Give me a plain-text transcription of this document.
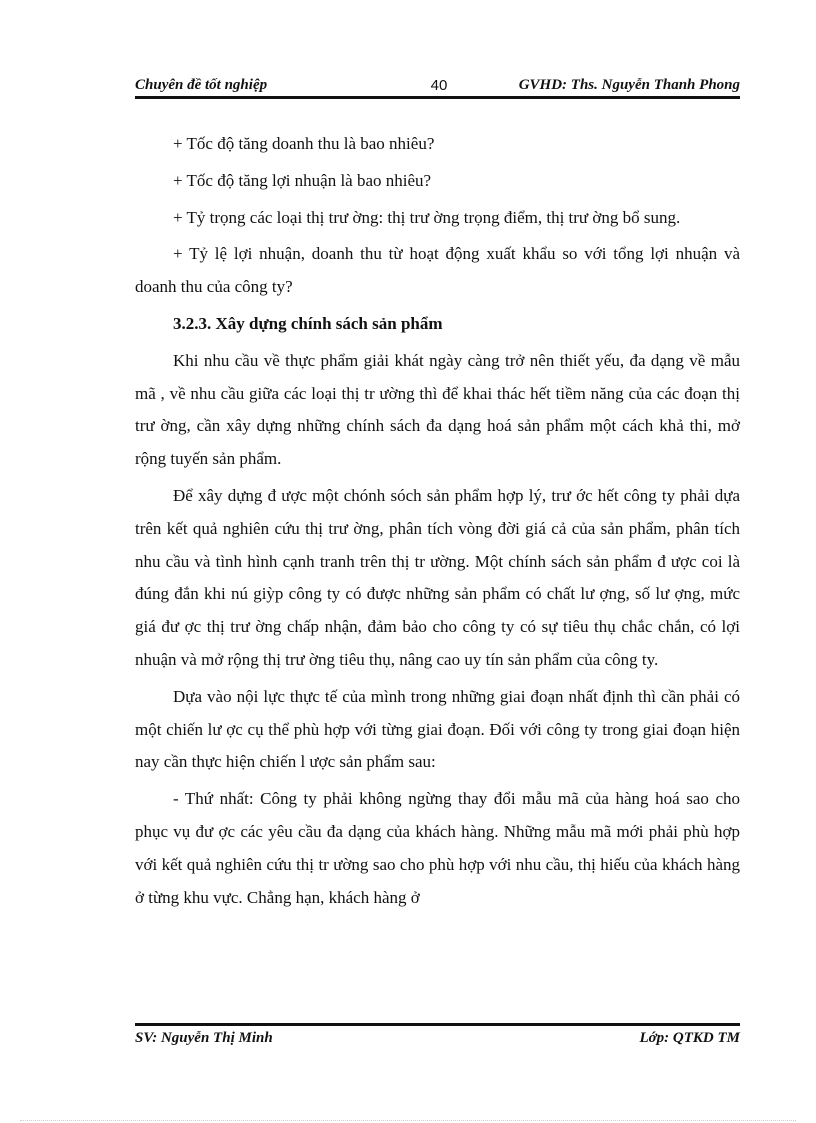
Chuyên đề tốt nghiệp	40	GVHD: Ths. Nguyễn Thanh Phong

+ Tốc độ tăng doanh thu là bao nhiêu?

+ Tốc độ tăng lợi nhuận là bao nhiêu?

+ Tỷ trọng các loại thị trư ờng: thị trư ờng trọng điểm, thị trư ờng bổ sung.

+ Tỷ lệ lợi nhuận, doanh thu từ hoạt động xuất khẩu so với tổng lợi nhuận và doanh thu của công ty?

3.2.3. Xây dựng chính sách sản phẩm

Khi nhu cầu về thực phẩm giải khát ngày càng trở nên thiết yếu, đa dạng về mẫu mã , về nhu cầu giữa các loại thị tr ường thì để khai thác hết tiềm năng của các đoạn thị trư ờng, cần xây dựng những chính sách đa dạng hoá sản phẩm một cách khả thi, mở rộng tuyến sản phẩm.

Để xây dựng đ ược một chónh sóch sản phẩm hợp lý, trư ớc hết công ty phải dựa trên kết quả nghiên cứu thị trư ờng, phân tích vòng đời giá cả của sản phẩm, phân tích nhu cầu và tình hình cạnh tranh trên thị tr ường. Một chính sách sản phẩm đ ược coi là đúng đắn khi nú giỳp công ty có được những sản phẩm có chất lư ợng, số lư ợng, mức giá đư ợc thị trư ờng chấp nhận, đảm bảo cho công ty có sự tiêu thụ chắc chắn, có lợi nhuận và mở rộng thị trư ờng tiêu thụ, nâng cao uy tín sản phẩm của công ty.

Dựa vào nội lực thực tế của mình trong những giai đoạn nhất định thì cần phải có một chiến lư ợc cụ thể phù hợp với từng giai đoạn. Đối với công ty trong giai đoạn hiện nay cần thực hiện chiến l ược sản phẩm sau:

- Thứ nhất: Công ty phải không ngừng thay đổi mẫu mã của hàng hoá sao cho phục vụ đư ợc các yêu cầu đa dạng của khách hàng. Những mẫu mã mới phải phù hợp với kết quả nghiên cứu thị tr ường sao cho phù hợp với nhu cầu, thị hiếu của khách hàng ở từng khu vực. Chẳng hạn, khách hàng ở

SV: Nguyễn Thị Minh	Lớp: QTKD TM
